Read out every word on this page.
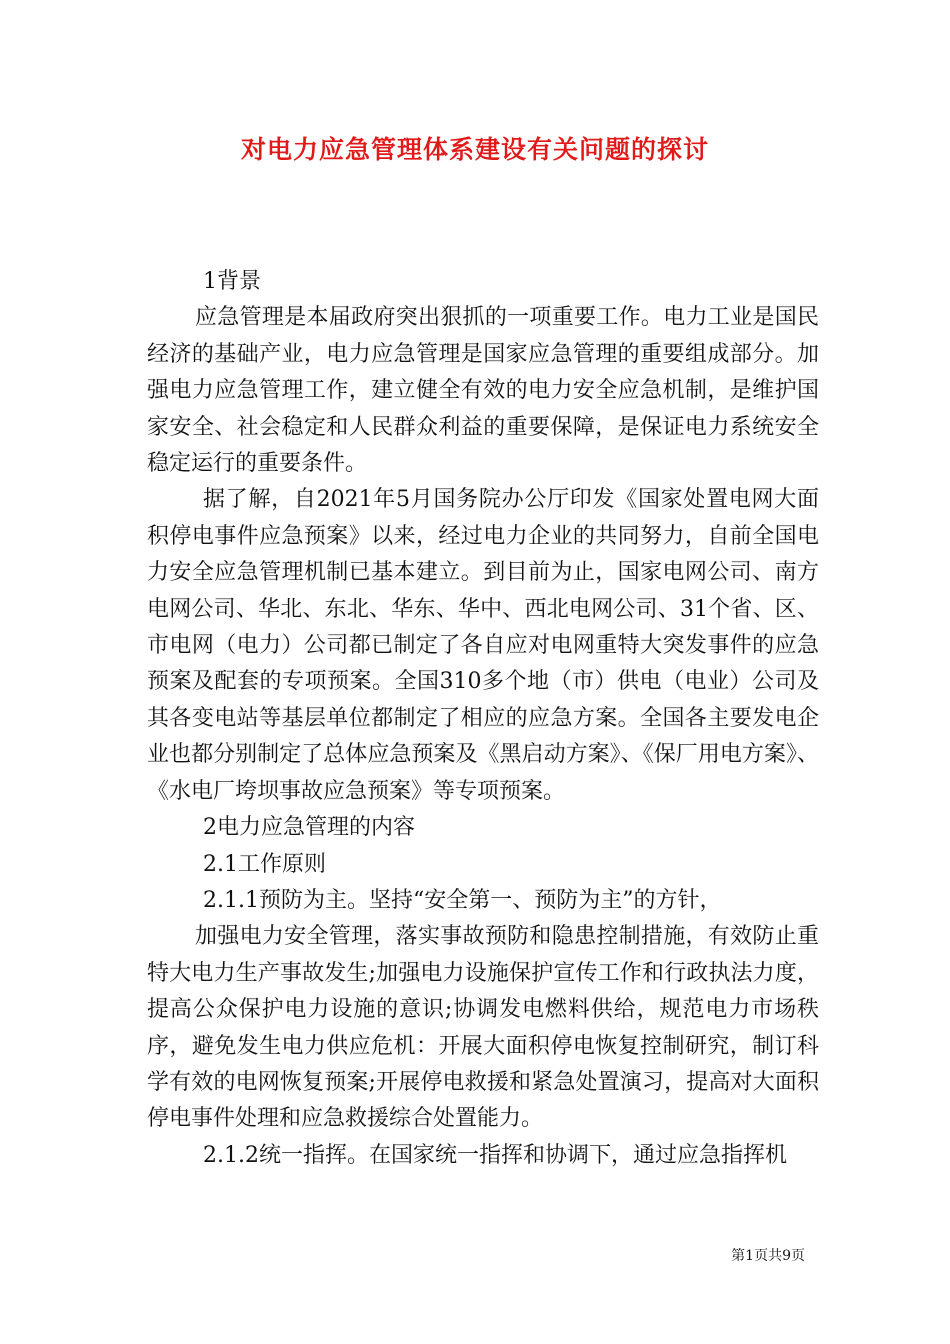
对电力应急管理体系建设有关问题的探讨

1背景

应急管理是本届政府突出狠抓的一项重要工作。电力工业是国民经济的基础产业，电力应急管理是国家应急管理的重要组成部分。加强电力应急管理工作，建立健全有效的电力安全应急机制，是维护国家安全、社会稳定和人民群众利益的重要保障，是保证电力系统安全稳定运行的重要条件。

据了解，自2021年5月国务院办公厅印发《国家处置电网大面积停电事件应急预案》以来，经过电力企业的共同努力，自前全国电力安全应急管理机制已基本建立。到目前为止，国家电网公司、南方电网公司、华北、东北、华东、华中、西北电网公司、31个省、区、市电网（电力）公司都已制定了各自应对电网重特大突发事件的应急预案及配套的专项预案。全国310多个地（市）供电（电业）公司及其各变电站等基层单位都制定了相应的应急方案。全国各主要发电企业也都分别制定了总体应急预案及《黑启动方案》、《保厂用电方案》、《水电厂垮坝事故应急预案》等专项预案。

2电力应急管理的内容

2.1工作原则

2.1.1预防为主。坚持“安全第一、预防为主”的方针，

加强电力安全管理，落实事故预防和隐患控制措施，有效防止重特大电力生产事故发生;加强电力设施保护宣传工作和行政执法力度，提高公众保护电力设施的意识;协调发电燃料供给，规范电力市场秩序，避免发生电力供应危机：开展大面积停电恢复控制研究，制订科学有效的电网恢复预案;开展停电救援和紧急处置演习，提高对大面积停电事件处理和应急救援综合处置能力。

2.1.2统一指挥。在国家统一指挥和协调下，通过应急指挥机

第1页共9页
